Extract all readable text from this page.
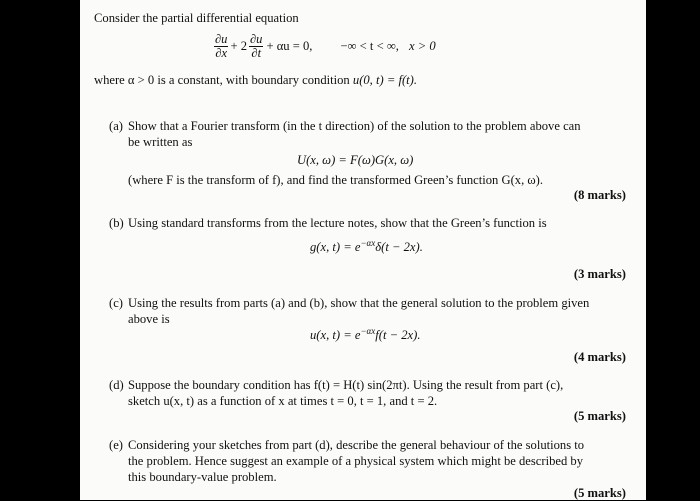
Consider the partial differential equation
$\frac{\partial u}{\partial x} + 2 \frac{\partial u}{\partial t} + \alpha u = 0$, −∞ < t < ∞, x > 0
where α > 0 is a constant, with boundary condition u(0, t) = f(t).
(a) Show that a Fourier transform (in the t direction) of the solution to the problem above can
be written as
U(x, ω) = F(ω)G(x, ω)
(where F is the transform of f), and find the transformed Green’s function G(x, ω).
(8 marks)
(b) Using standard transforms from the lecture notes, show that the Green’s function is
g(x, $t) = e^{-\alpha x}\delta(t - 2x)$.
(3 marks)
(c) Using the results from parts (a) and (b), show that the general solution to the problem given
above is
u(x, $t) = e^{-\alpha x}f(t - 2x)$.
(4 marks)
(d) Suppose the boundary condition has f(t) = H(t) sin(2πt). Using the result from part (c),
sketch u(x, t) as a function of x at times t = 0, t = 1, and t = 2.
(5 marks)
(e) Considering your sketches from part (d), describe the general behaviour of the solutions to
the problem. Hence suggest an example of a physical system which might be described by
this boundary-value problem.
(5 marks)
